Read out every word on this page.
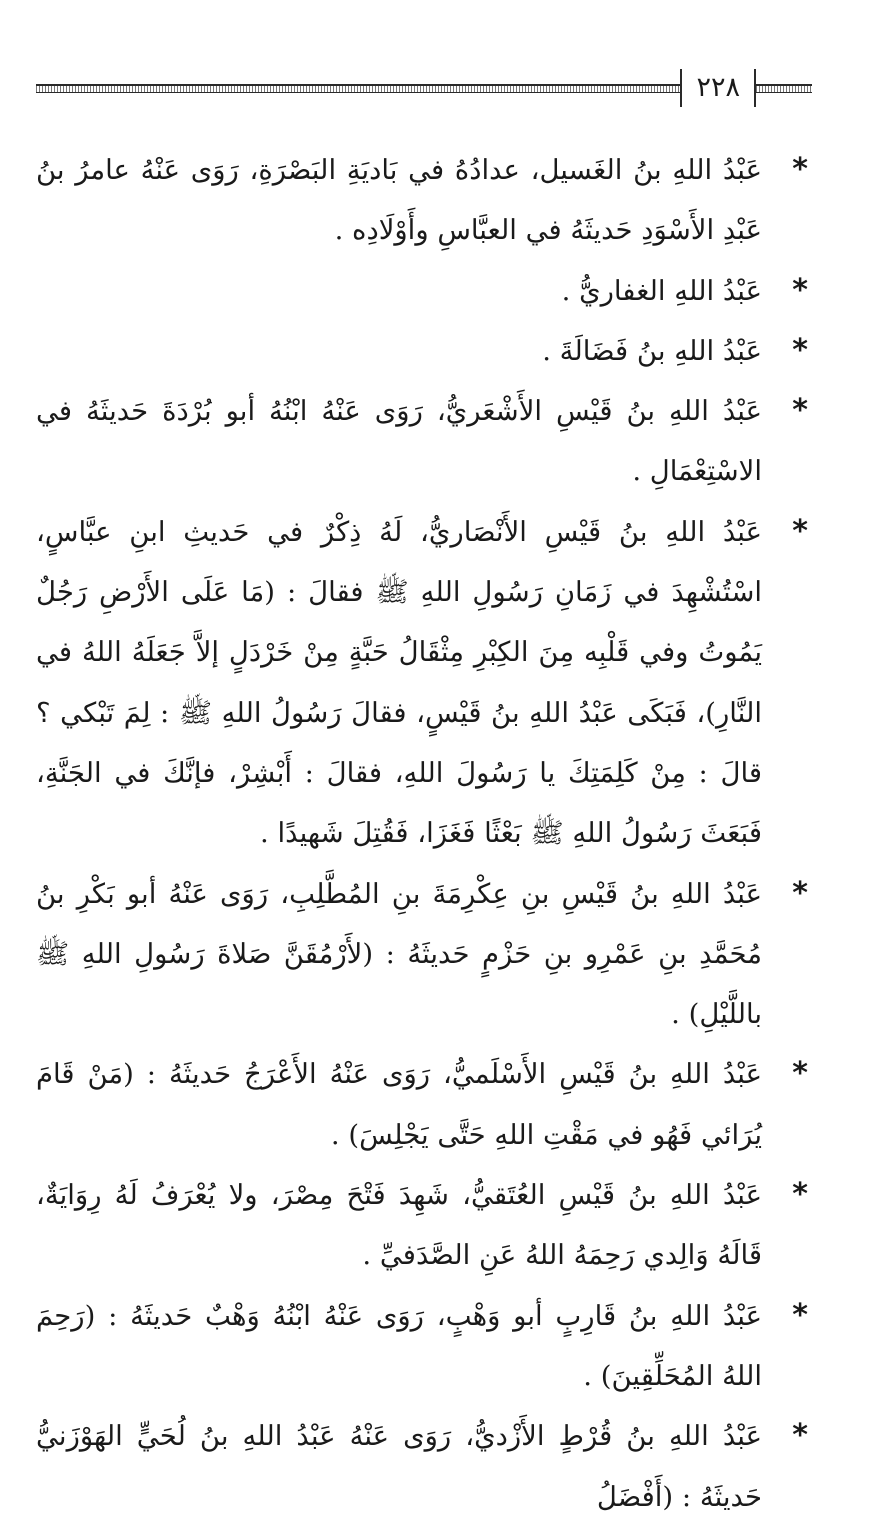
٢٢٨

*
عَبْدُ اللهِ بنُ الغَسيل، عدادُهُ في بَاديَةِ البَصْرَةِ، رَوَى عَنْهُ عامرُ بنُ عَبْدِ الأَسْوَدِ حَديثَهُ في العبَّاسِ وأَوْلَادِه .

*
عَبْدُ اللهِ الغفاريُّ .

*
عَبْدُ اللهِ بنُ فَضَالَةَ .

*
عَبْدُ اللهِ بنُ قَيْسِ الأَشْعَريُّ، رَوَى عَنْهُ ابْنُهُ أبو بُرْدَةَ حَديثَهُ في الاسْتِعْمَالِ .

*
عَبْدُ اللهِ بنُ قَيْسِ الأَنْصَاريُّ، لَهُ ذِكْرٌ في حَديثِ ابنِ عبَّاسٍ، اسْتُشْهِدَ في زَمَانِ رَسُولِ اللهِ ﷺ فقالَ : (مَا عَلَى الأَرْضِ رَجُلٌ يَمُوتُ وفي قَلْبِه مِنَ الكِبْرِ مِثْقَالُ حَبَّةٍ مِنْ خَرْدَلٍ إلاَّ جَعَلَهُ اللهُ في النَّارِ)، فَبَكَى عَبْدُ اللهِ بنُ قَيْسٍ، فقالَ رَسُولُ اللهِ ﷺ : لِمَ تَبْكي ؟ قالَ : مِنْ كَلِمَتِكَ يا رَسُولَ اللهِ، فقالَ : أَبْشِرْ، فإنَّكَ في الجَنَّةِ، فَبَعَثَ رَسُولُ اللهِ ﷺ بَعْثًا فَغَزَا، فَقُتِلَ شَهيدًا .

*
عَبْدُ اللهِ بنُ قَيْسِ بنِ عِكْرِمَةَ بنِ المُطَّلِبِ، رَوَى عَنْهُ أبو بَكْرِ بنُ مُحَمَّدِ بنِ عَمْرِو بنِ حَزْمٍ حَديثَهُ : (لأَرْمُقَنَّ صَلاةَ رَسُولِ اللهِ ﷺ باللَّيْلِ) .

*
عَبْدُ اللهِ بنُ قَيْسِ الأَسْلَميُّ، رَوَى عَنْهُ الأَعْرَجُ حَديثَهُ : (مَنْ قَامَ يُرَائي فَهُو في مَقْتِ اللهِ حَتَّى يَجْلِسَ) .

*
عَبْدُ اللهِ بنُ قَيْسِ العُتَقيُّ، شَهِدَ فَتْحَ مِصْرَ، ولا يُعْرَفُ لَهُ رِوَايَةٌ، قَالَهُ وَالِدي رَحِمَهُ اللهُ عَنِ الصَّدَفيِّ .

*
عَبْدُ اللهِ بنُ قَارِبٍ أبو وَهْبٍ، رَوَى عَنْهُ ابْنُهُ وَهْبٌ حَديثَهُ : (رَحِمَ اللهُ المُحَلِّقِينَ) .

*
عَبْدُ اللهِ بنُ قُرْطٍ الأَزْديُّ، رَوَى عَنْهُ عَبْدُ اللهِ بنُ لُحَيٍّ الهَوْزَنيُّ حَديثَهُ : (أَفْضَلُ
